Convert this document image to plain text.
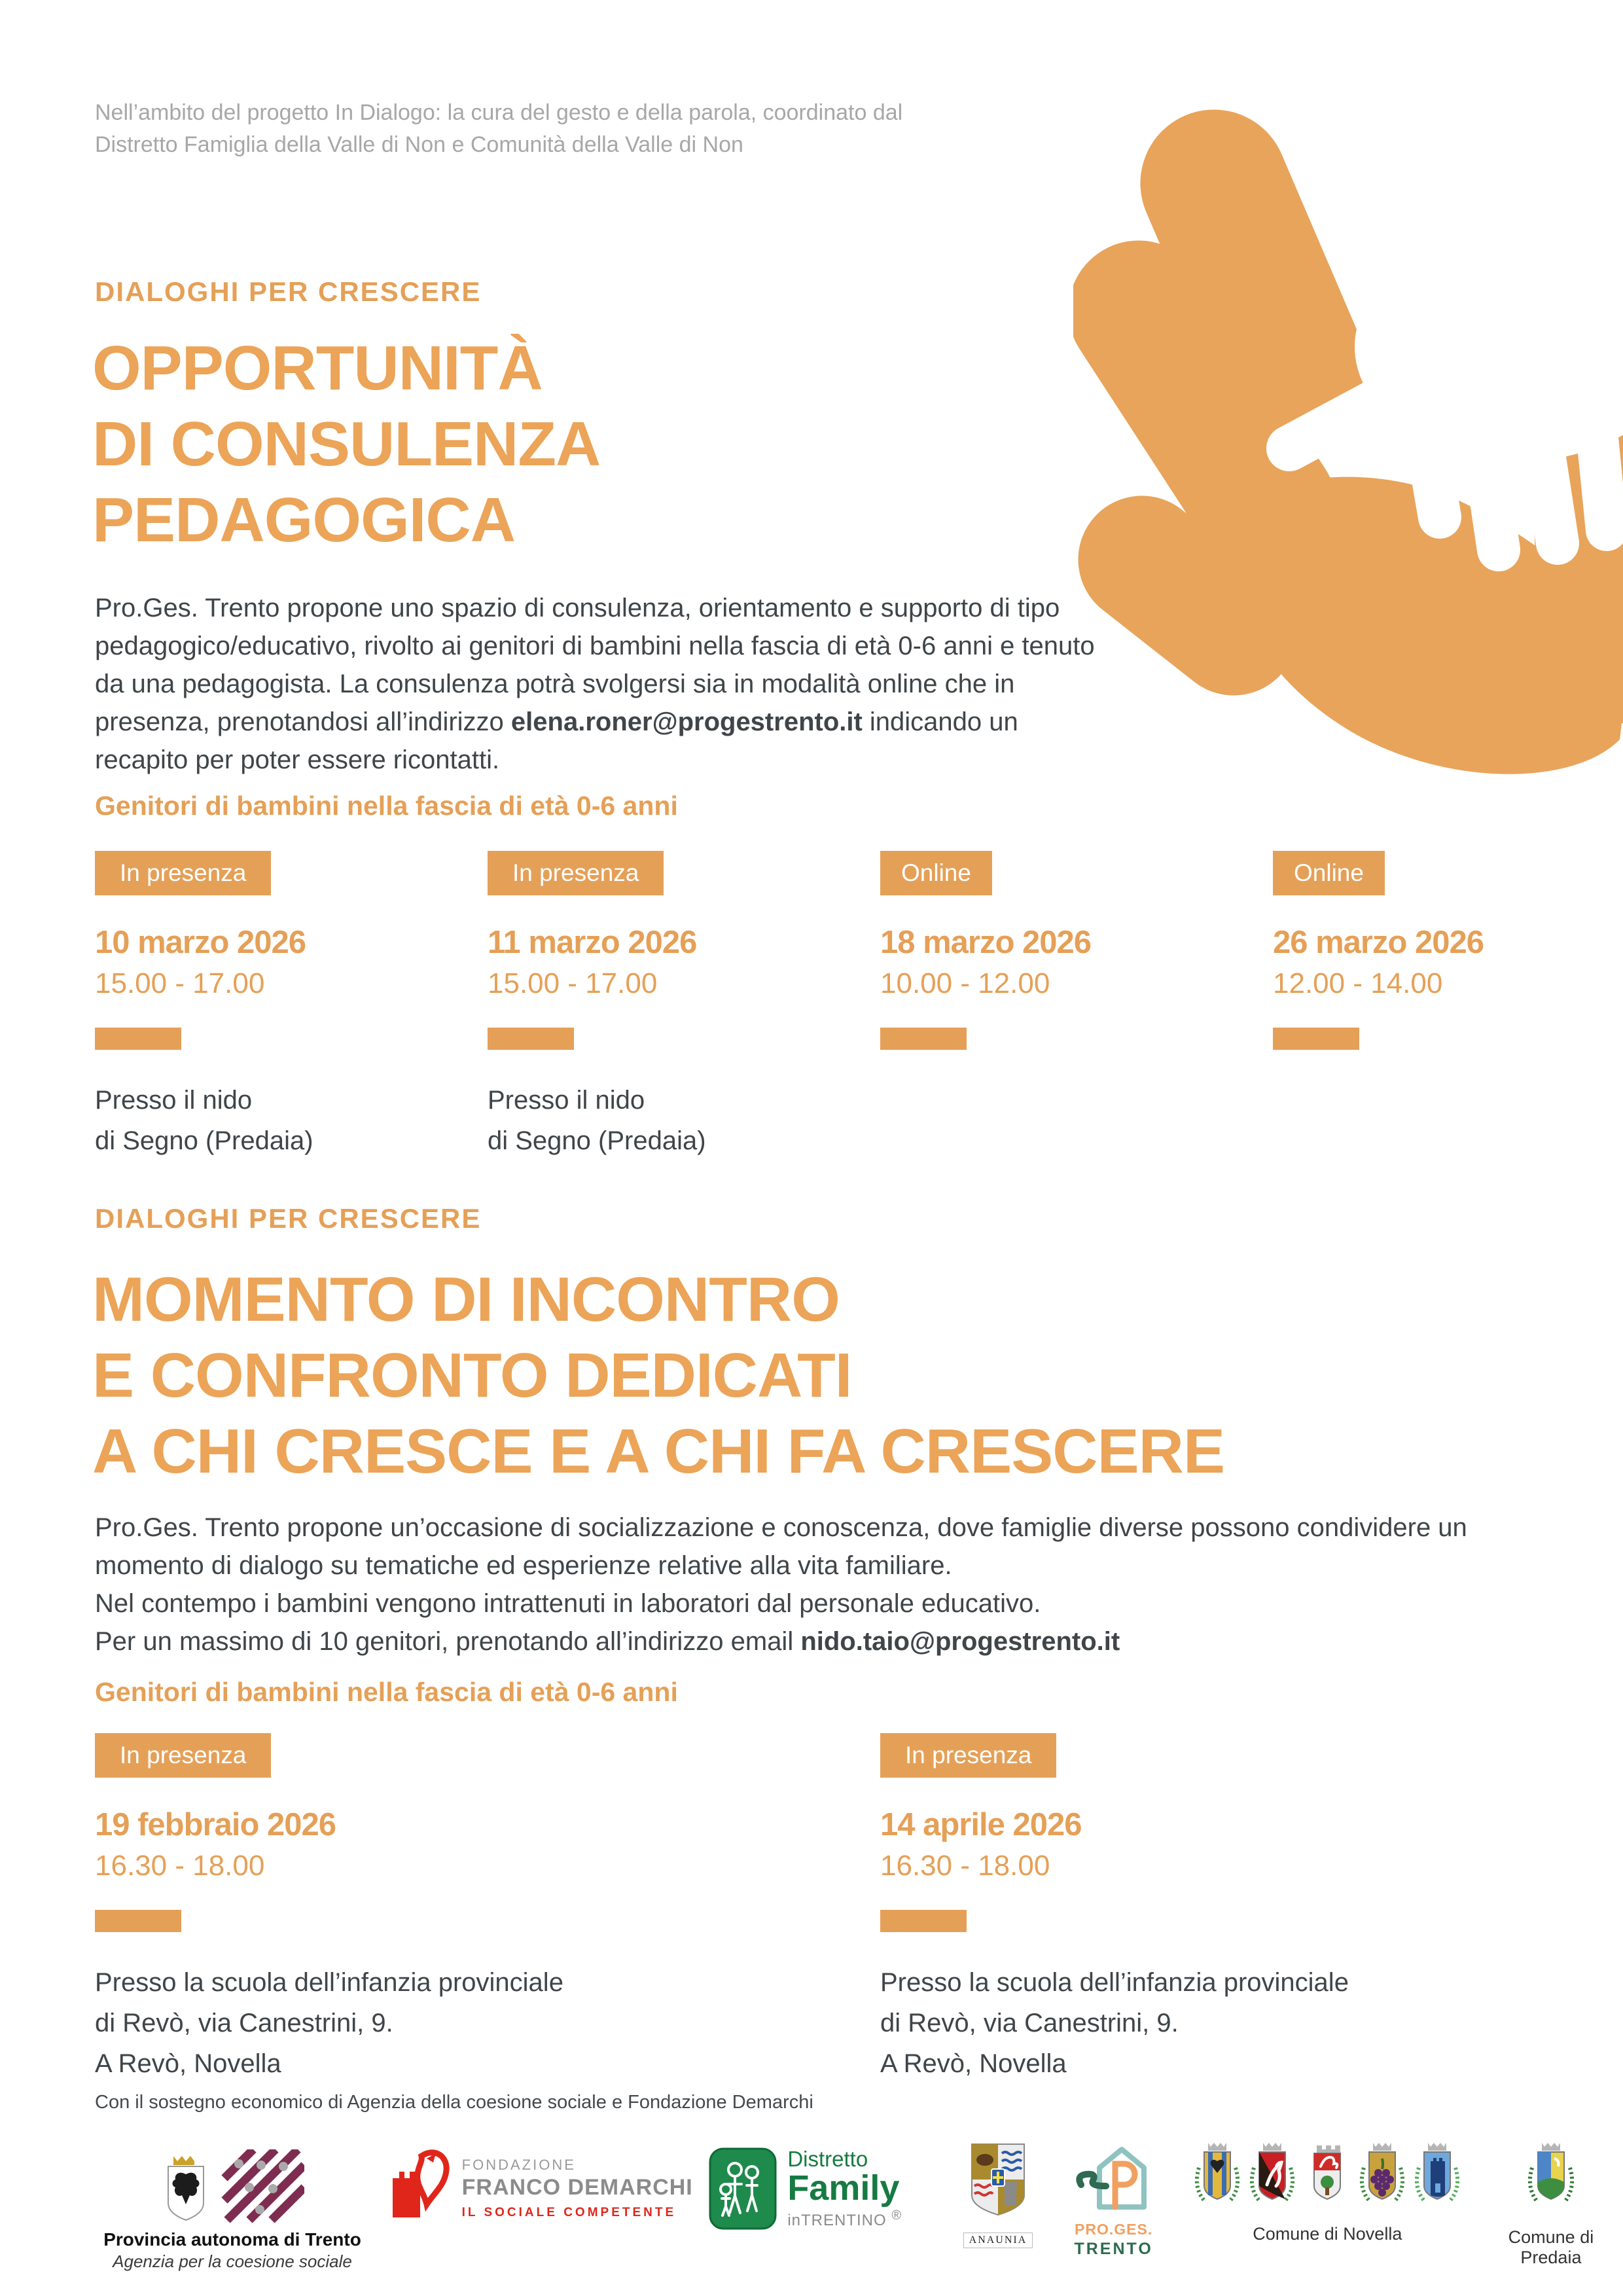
Nell’ambito del progetto In Dialogo: la cura del gesto e della parola, coordinato dal Distretto Famiglia della Valle di Non e Comunità della Valle di Non
DIALOGHI PER CRESCERE
OPPORTUNITÀ
DI CONSULENZA
PEDAGOGICA
Pro.Ges. Trento propone uno spazio di consulenza, orientamento e supporto di tipo pedagogico/educativo, rivolto ai genitori di bambini nella fascia di età 0-6 anni e tenuto da una pedagogista. La consulenza potrà svolgersi sia in modalità online che in presenza, prenotandosi all’indirizzo elena.roner@progestrento.it indicando un recapito per poter essere ricontatti.
Genitori di bambini nella fascia di età 0-6 anni
In presenza
10 marzo 2026
15.00 - 17.00
Presso il nido
di Segno (Predaia)
In presenza
11 marzo 2026
15.00 - 17.00
Presso il nido
di Segno (Predaia)
Online
18 marzo 2026
10.00 - 12.00
Online
26 marzo 2026
12.00 - 14.00
DIALOGHI PER CRESCERE
MOMENTO DI INCONTRO
E CONFRONTO DEDICATI
A CHI CRESCE E A CHI FA CRESCERE
Pro.Ges. Trento propone un’occasione di socializzazione e conoscenza, dove famiglie diverse possono condividere un momento di dialogo su tematiche ed esperienze relative alla vita familiare.
Nel contempo i bambini vengono intrattenuti in laboratori dal personale educativo.
Per un massimo di 10 genitori, prenotando all’indirizzo email nido.taio@progestrento.it
Genitori di bambini nella fascia di età 0-6 anni
In presenza
19 febbraio 2026
16.30 - 18.00
Presso la scuola dell’infanzia provinciale
di Revò, via Canestrini, 9.
A Revò, Novella
In presenza
14 aprile 2026
16.30 - 18.00
Presso la scuola dell’infanzia provinciale
di Revò, via Canestrini, 9.
A Revò, Novella
Con il sostegno economico di Agenzia della coesione sociale e Fondazione Demarchi
Provincia autonoma di Trento
Agenzia per la coesione sociale
FONDAZIONE
FRANCO DEMARCHI
IL SOCIALE COMPETENTE
Distretto
Family
inTRENTINO ®
ANAUNIA
PRO.GES.
TRENTO
Comune di Novella	Comune di Predaia
